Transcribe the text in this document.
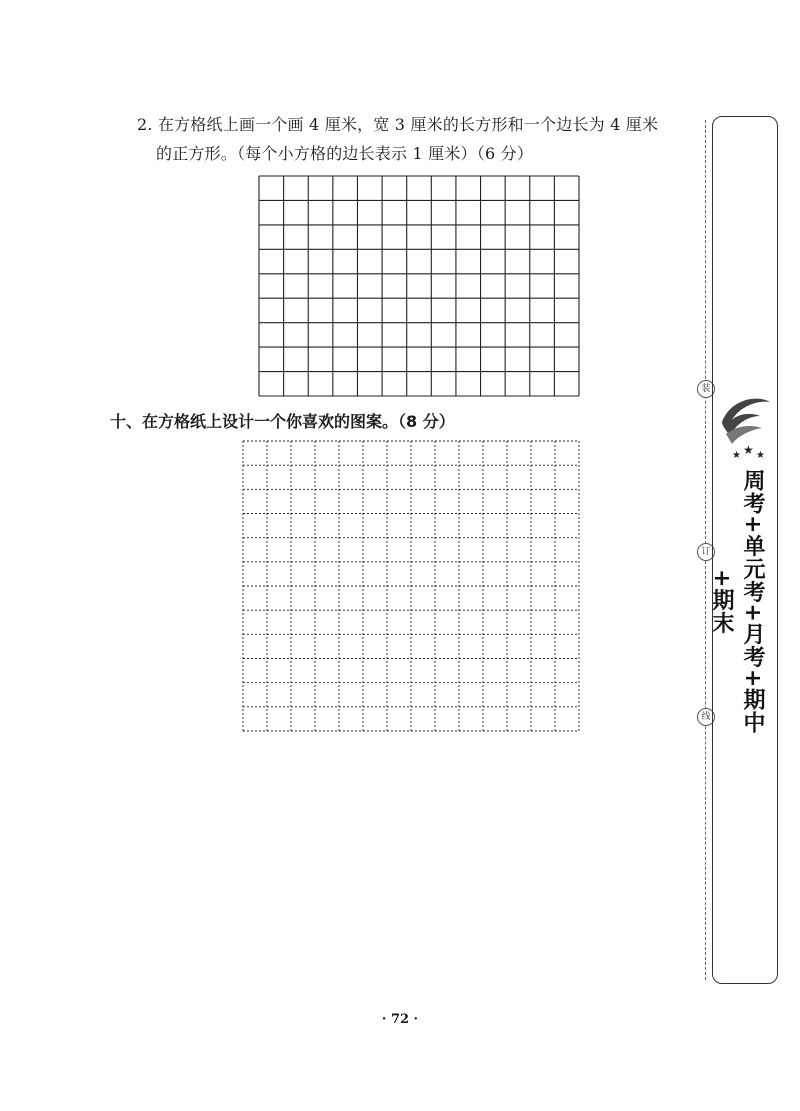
2. 在方格纸上画一个画 4 厘米，宽 3 厘米的长方形和一个边长为 4 厘米
的正方形。（每个小方格的边长表示 1 厘米）（6 分）
十、在方格纸上设计一个你喜欢的图案。（8 分）
装
订
线
★ ★ ★
周考+单元考+月考+期中+期末
· 72 ·
